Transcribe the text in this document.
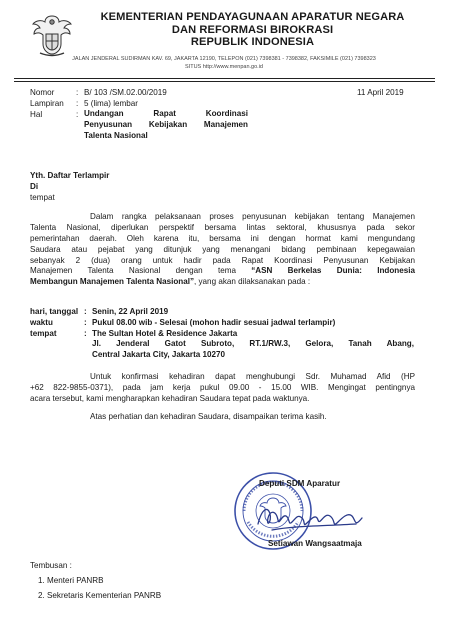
KEMENTERIAN PENDAYAGUNAAN APARATUR NEGARA
DAN REFORMASI BIROKRASI
REPUBLIK INDONESIA
JALAN JENDERAL SUDIRMAN KAV. 69, JAKARTA 12190, TELEPON (021) 7398381 - 7398382, FAKSIMILE (021) 7398323
SITUS http://www.menpan.go.id
Nomor	: B/ 103 /SM.02.00/2019	11 April 2019
Lampiran : 5 (lima) lembar
Hal	: Undangan Rapat Koordinasi
Penyusunan Kebijakan Manajemen
Talenta Nasional
Yth. Daftar Terlampir
Di
tempat
Dalam rangka pelaksanaan proses penyusunan kebijakan tentang Manajemen
Talenta Nasional, diperlukan perspektif bersama lintas sektoral, khususnya pada sekor
pemerintahan daerah. Oleh karena itu, bersama ini dengan hormat kami mengundang
Saudara atau pejabat yang ditunjuk yang menangani bidang pembinaan kepegawaian
sebanyak 2 (dua) orang untuk hadir pada Rapat Koordinasi Penyusunan Kebijakan
Manajemen Talenta Nasional dengan tema “ASN Berkelas Dunia: Indonesia
Membangun Manajemen Talenta Nasional”, yang akan dilaksanakan pada :
hari, tanggal : Senin, 22 April 2019
waktu	: Pukul 08.00 wib - Selesai (mohon hadir sesuai jadwal terlampir)
tempat	: The Sultan Hotel & Residence Jakarta
Jl. Jenderal Gatot Subroto, RT.1/RW.3, Gelora, Tanah Abang,
Central Jakarta City, Jakarta 10270
Untuk konfirmasi kehadiran dapat menghubungi Sdr. Muhamad Afid (HP
+62 822-9855-0371), pada jam kerja pukul 09.00 - 15.00 WIB. Mengingat pentingnya
acara tersebut, kami mengharapkan kehadiran Saudara tepat pada waktunya.
Atas perhatian dan kehadiran Saudara, disampaikan terima kasih.
Deputi SDM Aparatur
Setiawan Wangsaatmaja
Tembusan :
1. Menteri PANRB
2. Sekretaris Kementerian PANRB
